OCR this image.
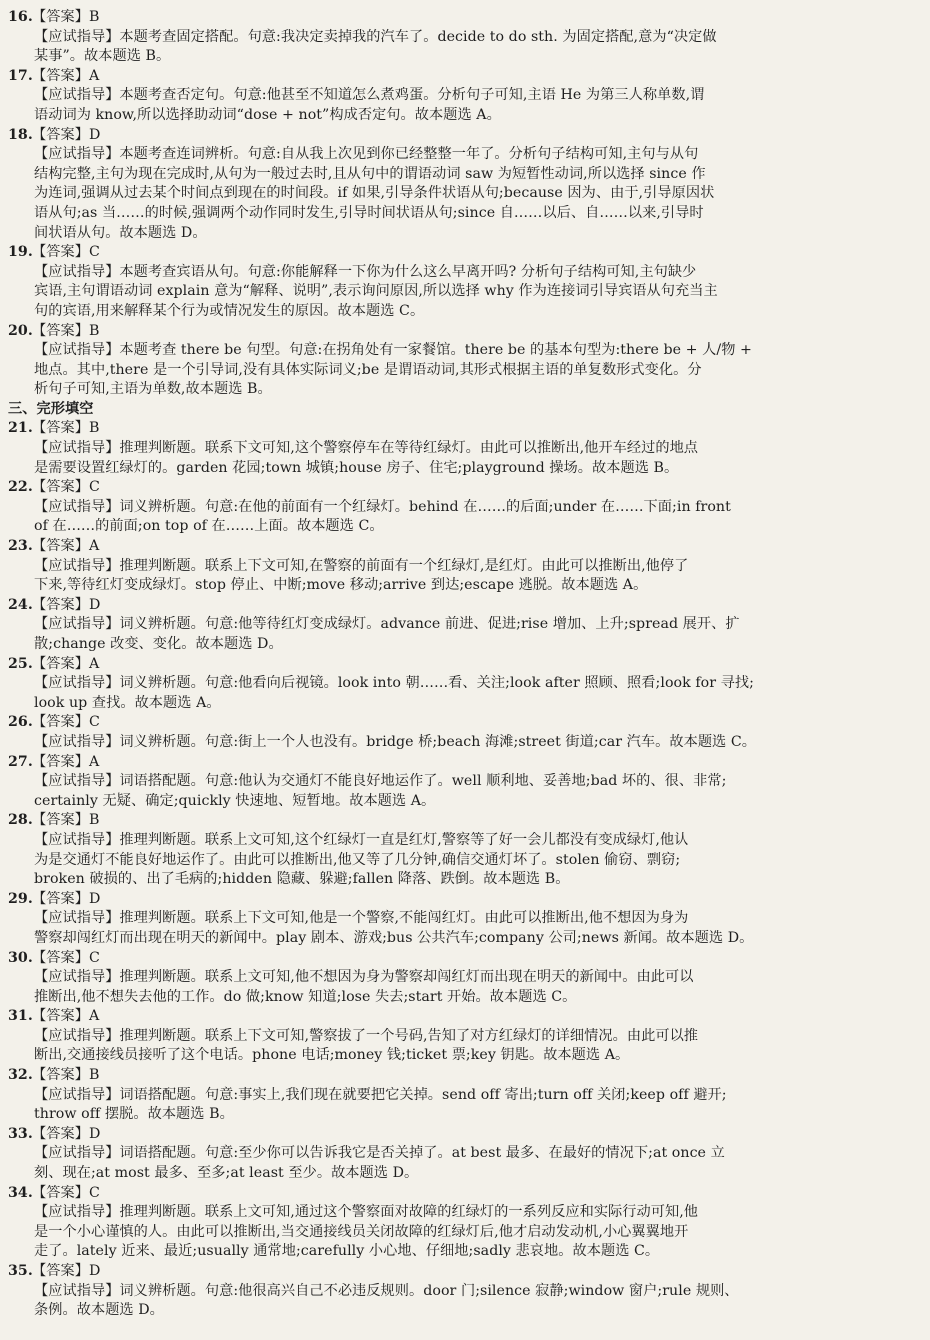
16.【答案】B
【应试指导】本题考查固定搭配。句意:我决定卖掉我的汽车了。decide to do sth. 为固定搭配,意为“决定做
某事”。故本题选 B。
17.【答案】A
【应试指导】本题考查否定句。句意:他甚至不知道怎么煮鸡蛋。分析句子可知,主语 He 为第三人称单数,谓
语动词为 know,所以选择助动词“dose + not”构成否定句。故本题选 A。
18.【答案】D
【应试指导】本题考查连词辨析。句意:自从我上次见到你已经整整一年了。分析句子结构可知,主句与从句
结构完整,主句为现在完成时,从句为一般过去时,且从句中的谓语动词 saw 为短暂性动词,所以选择 since 作
为连词,强调从过去某个时间点到现在的时间段。if 如果,引导条件状语从句;because 因为、由于,引导原因状
语从句;as 当……的时候,强调两个动作同时发生,引导时间状语从句;since 自……以后、自……以来,引导时
间状语从句。故本题选 D。
19.【答案】C
【应试指导】本题考查宾语从句。句意:你能解释一下你为什么这么早离开吗? 分析句子结构可知,主句缺少
宾语,主句谓语动词 explain 意为“解释、说明”,表示询问原因,所以选择 why 作为连接词引导宾语从句充当主
句的宾语,用来解释某个行为或情况发生的原因。故本题选 C。
20.【答案】B
【应试指导】本题考查 there be 句型。句意:在拐角处有一家餐馆。there be 的基本句型为:there be + 人/物 +
地点。其中,there 是一个引导词,没有具体实际词义;be 是谓语动词,其形式根据主语的单复数形式变化。分
析句子可知,主语为单数,故本题选 B。
三、完形填空
21.【答案】B
【应试指导】推理判断题。联系下文可知,这个警察停车在等待红绿灯。由此可以推断出,他开车经过的地点
是需要设置红绿灯的。garden 花园;town 城镇;house 房子、住宅;playground 操场。故本题选 B。
22.【答案】C
【应试指导】词义辨析题。句意:在他的前面有一个红绿灯。behind 在……的后面;under 在……下面;in front
of 在……的前面;on top of 在……上面。故本题选 C。
23.【答案】A
【应试指导】推理判断题。联系上下文可知,在警察的前面有一个红绿灯,是红灯。由此可以推断出,他停了
下来,等待红灯变成绿灯。stop 停止、中断;move 移动;arrive 到达;escape 逃脱。故本题选 A。
24.【答案】D
【应试指导】词义辨析题。句意:他等待红灯变成绿灯。advance 前进、促进;rise 增加、上升;spread 展开、扩
散;change 改变、变化。故本题选 D。
25.【答案】A
【应试指导】词义辨析题。句意:他看向后视镜。look into 朝……看、关注;look after 照顾、照看;look for 寻找;
look up 查找。故本题选 A。
26.【答案】C
【应试指导】词义辨析题。句意:街上一个人也没有。bridge 桥;beach 海滩;street 街道;car 汽车。故本题选 C。
27.【答案】A
【应试指导】词语搭配题。句意:他认为交通灯不能良好地运作了。well 顺利地、妥善地;bad 坏的、很、非常;
certainly 无疑、确定;quickly 快速地、短暂地。故本题选 A。
28.【答案】B
【应试指导】推理判断题。联系上文可知,这个红绿灯一直是红灯,警察等了好一会儿都没有变成绿灯,他认
为是交通灯不能良好地运作了。由此可以推断出,他又等了几分钟,确信交通灯坏了。stolen 偷窃、剽窃;
broken 破损的、出了毛病的;hidden 隐藏、躲避;fallen 降落、跌倒。故本题选 B。
29.【答案】D
【应试指导】推理判断题。联系上下文可知,他是一个警察,不能闯红灯。由此可以推断出,他不想因为身为
警察却闯红灯而出现在明天的新闻中。play 剧本、游戏;bus 公共汽车;company 公司;news 新闻。故本题选 D。
30.【答案】C
【应试指导】推理判断题。联系上文可知,他不想因为身为警察却闯红灯而出现在明天的新闻中。由此可以
推断出,他不想失去他的工作。do 做;know 知道;lose 失去;start 开始。故本题选 C。
31.【答案】A
【应试指导】推理判断题。联系上下文可知,警察拔了一个号码,告知了对方红绿灯的详细情况。由此可以推
断出,交通接线员接听了这个电话。phone 电话;money 钱;ticket 票;key 钥匙。故本题选 A。
32.【答案】B
【应试指导】词语搭配题。句意:事实上,我们现在就要把它关掉。send off 寄出;turn off 关闭;keep off 避开;
throw off 摆脱。故本题选 B。
33.【答案】D
【应试指导】词语搭配题。句意:至少你可以告诉我它是否关掉了。at best 最多、在最好的情况下;at once 立
刻、现在;at most 最多、至多;at least 至少。故本题选 D。
34.【答案】C
【应试指导】推理判断题。联系上文可知,通过这个警察面对故障的红绿灯的一系列反应和实际行动可知,他
是一个小心谨慎的人。由此可以推断出,当交通接线员关闭故障的红绿灯后,他才启动发动机,小心翼翼地开
走了。lately 近来、最近;usually 通常地;carefully 小心地、仔细地;sadly 悲哀地。故本题选 C。
35.【答案】D
【应试指导】词义辨析题。句意:他很高兴自己不必违反规则。door 门;silence 寂静;window 窗户;rule 规则、
条例。故本题选 D。
